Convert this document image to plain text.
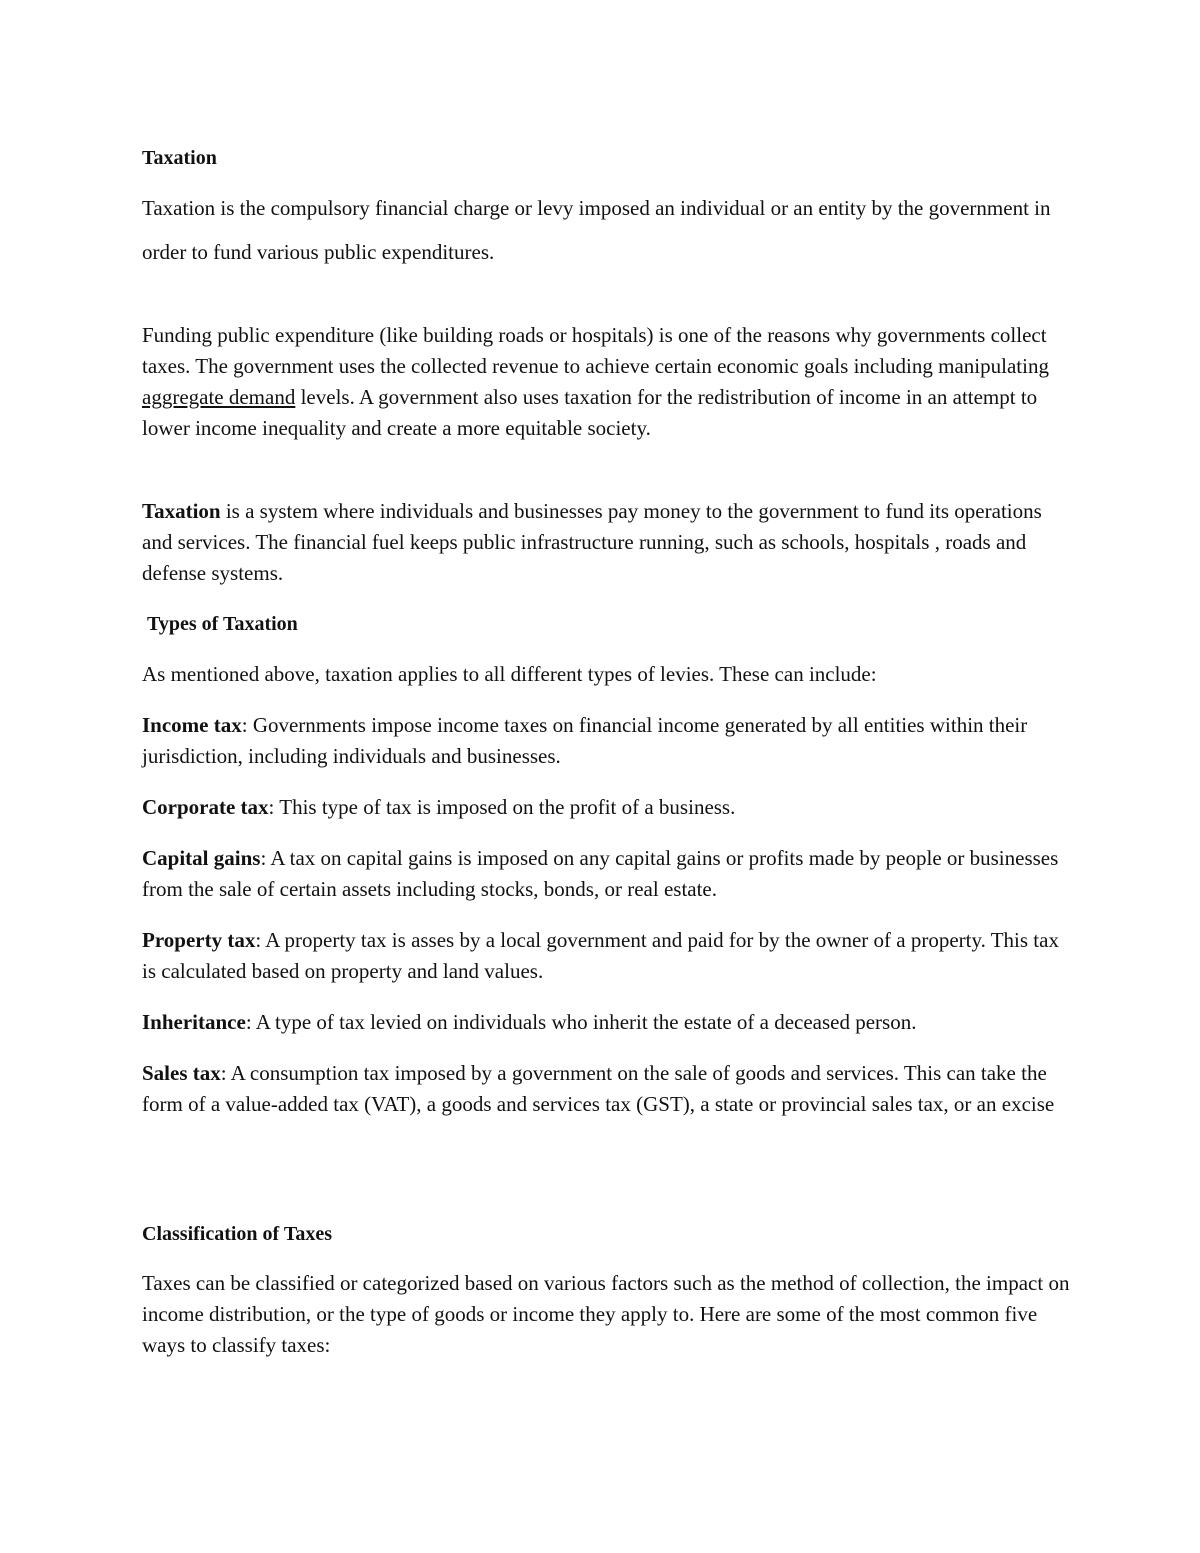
Taxation

Taxation is the compulsory financial charge or levy imposed an individual or an entity by the government in order to fund various public expenditures.

Funding public expenditure (like building roads or hospitals) is one of the reasons why governments collect taxes. The government uses the collected revenue to achieve certain economic goals including manipulating aggregate demand levels. A government also uses taxation for the redistribution of income in an attempt to lower income inequality and create a more equitable society.

Taxation is a system where individuals and businesses pay money to the government to fund its operations and services. The financial fuel keeps public infrastructure running, such as schools, hospitals , roads and defense systems.

Types of Taxation

As mentioned above, taxation applies to all different types of levies. These can include:

Income tax: Governments impose income taxes on financial income generated by all entities within their jurisdiction, including individuals and businesses.

Corporate tax: This type of tax is imposed on the profit of a business.

Capital gains: A tax on capital gains is imposed on any capital gains or profits made by people or businesses from the sale of certain assets including stocks, bonds, or real estate.

Property tax: A property tax is asses by a local government and paid for by the owner of a property. This tax is calculated based on property and land values.

Inheritance: A type of tax levied on individuals who inherit the estate of a deceased person.

Sales tax: A consumption tax imposed by a government on the sale of goods and services. This can take the form of a value-added tax (VAT), a goods and services tax (GST), a state or provincial sales tax, or an excise

Classification of Taxes

Taxes can be classified or categorized based on various factors such as the method of collection, the impact on income distribution, or the type of goods or income they apply to. Here are some of the most common five ways to classify taxes:
